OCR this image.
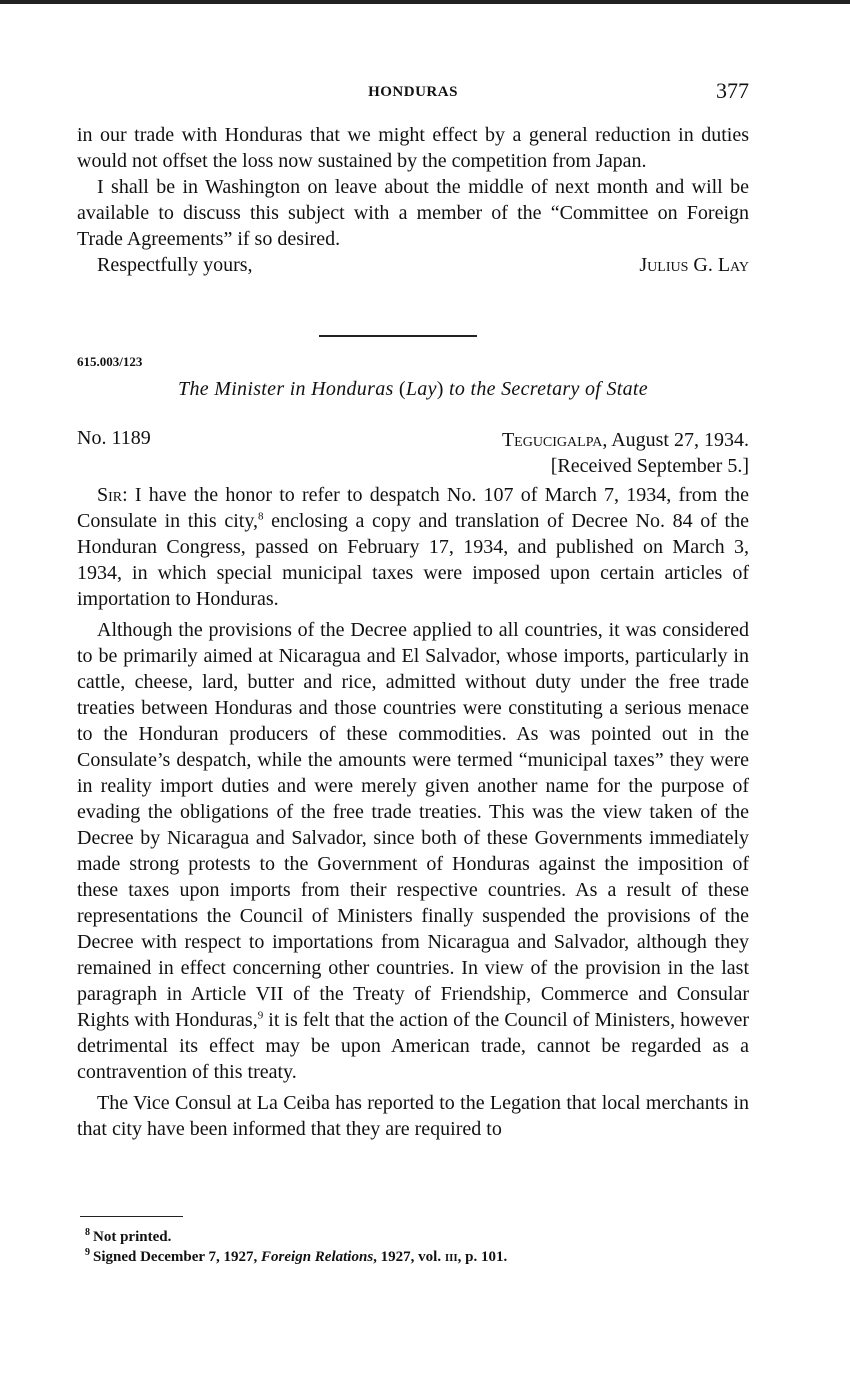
HONDURAS	377

in our trade with Honduras that we might effect by a general reduction in duties would not offset the loss now sustained by the competition from Japan.

I shall be in Washington on leave about the middle of next month and will be available to discuss this subject with a member of the “Committee on Foreign Trade Agreements” if so desired.

Respectfully yours,	Julius G. Lay
615.003/123
The Minister in Honduras (Lay) to the Secretary of State
No. 1189	Tegucigalpa, August 27, 1934.
[Received September 5.]

Sir: I have the honor to refer to despatch No. 107 of March 7, 1934, from the Consulate in this city,$^8$ enclosing a copy and translation of Decree No. 84 of the Honduran Congress, passed on February 17, 1934, and published on March 3, 1934, in which special municipal taxes were imposed upon certain articles of importation to Honduras.

Although the provisions of the Decree applied to all countries, it was considered to be primarily aimed at Nicaragua and El Salvador, whose imports, particularly in cattle, cheese, lard, butter and rice, admitted without duty under the free trade treaties between Honduras and those countries were constituting a serious menace to the Honduran producers of these commodities. As was pointed out in the Consulate’s despatch, while the amounts were termed “municipal taxes” they were in reality import duties and were merely given another name for the purpose of evading the obligations of the free trade treaties. This was the view taken of the Decree by Nicaragua and Salvador, since both of these Governments immediately made strong protests to the Government of Honduras against the imposition of these taxes upon imports from their respective countries. As a result of these representations the Council of Ministers finally suspended the provisions of the Decree with respect to importations from Nicaragua and Salvador, although they remained in effect concerning other countries. In view of the provision in the last paragraph in Article VII of the Treaty of Friendship, Commerce and Consular Rights with Honduras,$^9$ it is felt that the action of the Council of Ministers, however detrimental its effect may be upon American trade, cannot be regarded as a contravention of this treaty.

The Vice Consul at La Ceiba has reported to the Legation that local merchants in that city have been informed that they are required to

$^8$ Not printed.
$^9$ Signed December 7, 1927, Foreign Relations, 1927, vol. iii, p. 101.
